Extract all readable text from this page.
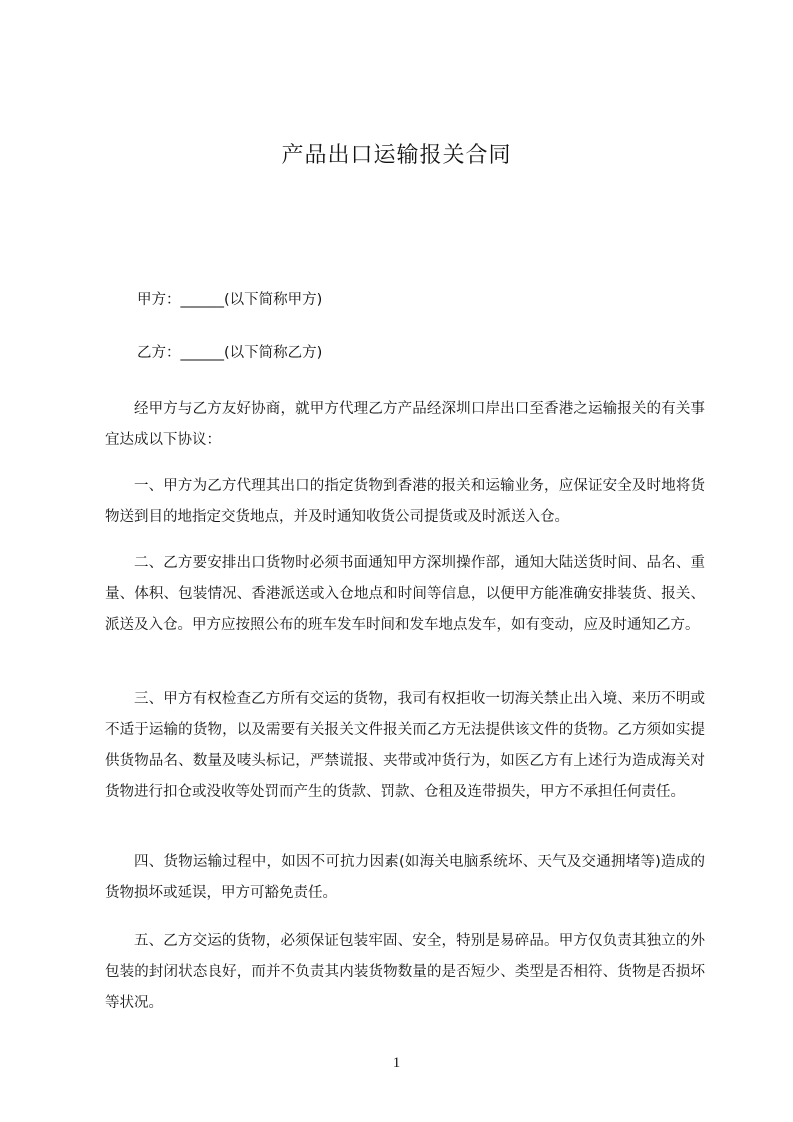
产品出口运输报关合同
甲方：______(以下简称甲方)
乙方：______(以下简称乙方)

经甲方与乙方友好协商，就甲方代理乙方产品经深圳口岸出口至香港之运输报关的有关事宜达成以下协议：

一、甲方为乙方代理其出口的指定货物到香港的报关和运输业务，应保证安全及时地将货物送到目的地指定交货地点，并及时通知收货公司提货或及时派送入仓。

二、乙方要安排出口货物时必须书面通知甲方深圳操作部，通知大陆送货时间、品名、重量、体积、包装情况、香港派送或入仓地点和时间等信息，以便甲方能准确安排装货、报关、派送及入仓。甲方应按照公布的班车发车时间和发车地点发车，如有变动，应及时通知乙方。

三、甲方有权检查乙方所有交运的货物，我司有权拒收一切海关禁止出入境、来历不明或不适于运输的货物，以及需要有关报关文件报关而乙方无法提供该文件的货物。乙方须如实提供货物品名、数量及唛头标记，严禁谎报、夹带或冲货行为，如医乙方有上述行为造成海关对货物进行扣仓或没收等处罚而产生的货款、罚款、仓租及连带损失，甲方不承担任何责任。

四、货物运输过程中，如因不可抗力因素(如海关电脑系统坏、天气及交通拥堵等)造成的货物损坏或延误，甲方可豁免责任。

五、乙方交运的货物，必须保证包装牢固、安全，特别是易碎品。甲方仅负责其独立的外包装的封闭状态良好，而并不负责其内装货物数量的是否短少、类型是否相符、货物是否损坏等状况。

1
